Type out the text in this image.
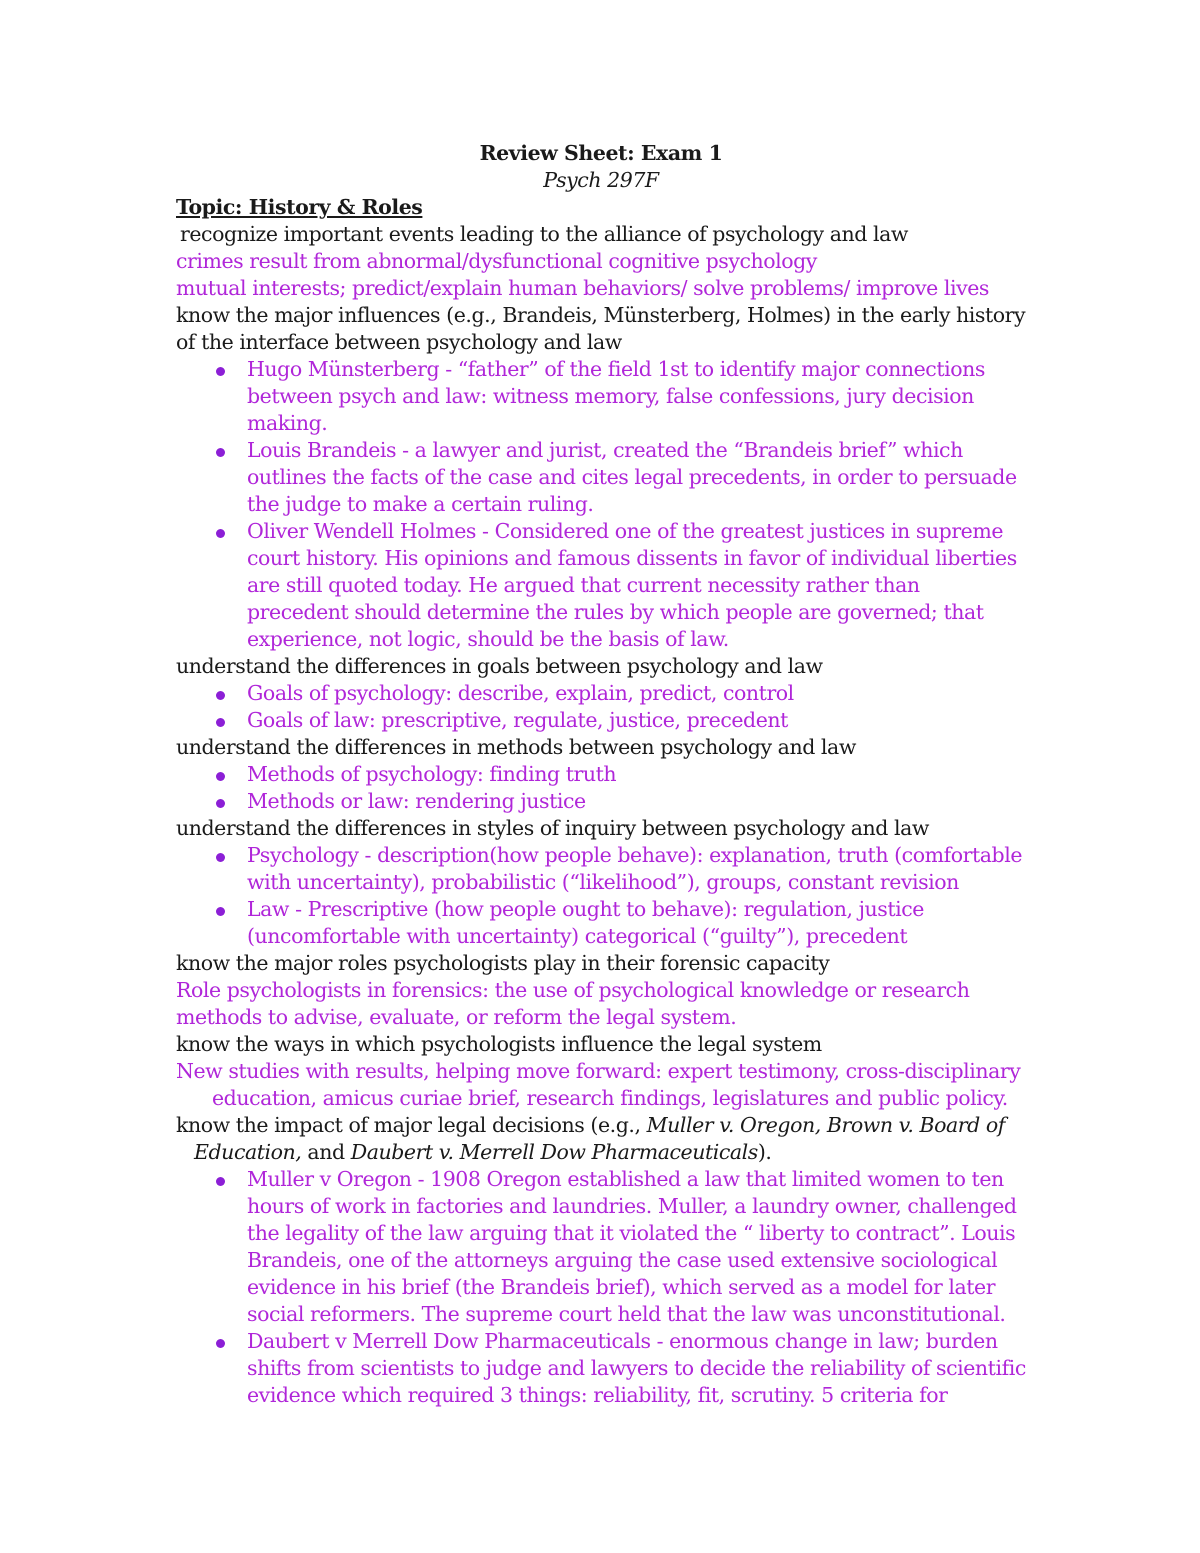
Review Sheet: Exam 1
Psych 297F
Topic: History & Roles
recognize important events leading to the alliance of psychology and law
crimes result from abnormal/dysfunctional cognitive psychology
mutual interests; predict/explain human behaviors/ solve problems/ improve lives
know the major influences (e.g., Brandeis, Münsterberg, Holmes) in the early history of the interface between psychology and law
Hugo Münsterberg - “father” of the field 1st to identify major connections between psych and law: witness memory, false confessions, jury decision making.
Louis Brandeis - a lawyer and jurist, created the “Brandeis brief” which outlines the facts of the case and cites legal precedents, in order to persuade the judge to make a certain ruling.
Oliver Wendell Holmes - Considered one of the greatest justices in supreme court history. His opinions and famous dissents in favor of individual liberties are still quoted today. He argued that current necessity rather than precedent should determine the rules by which people are governed; that experience, not logic, should be the basis of law.
understand the differences in goals between psychology and law
Goals of psychology: describe, explain, predict, control
Goals of law: prescriptive, regulate, justice, precedent
understand the differences in methods between psychology and law
Methods of psychology: finding truth
Methods or law: rendering justice
understand the differences in styles of inquiry between psychology and law
Psychology - description(how people behave): explanation, truth (comfortable with uncertainty), probabilistic (“likelihood”), groups, constant revision
Law - Prescriptive (how people ought to behave): regulation, justice (uncomfortable with uncertainty) categorical (“guilty”), precedent
know the major roles psychologists play in their forensic capacity
Role psychologists in forensics: the use of psychological knowledge or research methods to advise, evaluate, or reform the legal system.
know the ways in which psychologists influence the legal system
New studies with results, helping move forward: expert testimony, cross-disciplinary education, amicus curiae brief, research findings, legislatures and public policy.
know the impact of major legal decisions (e.g., Muller v. Oregon, Brown v. Board of Education, and Daubert v. Merrell Dow Pharmaceuticals).
Muller v Oregon - 1908 Oregon established a law that limited women to ten hours of work in factories and laundries. Muller, a laundry owner, challenged the legality of the law arguing that it violated the “ liberty to contract”. Louis Brandeis, one of the attorneys arguing the case used extensive sociological evidence in his brief (the Brandeis brief), which served as a model for later social reformers. The supreme court held that the law was unconstitutional.
Daubert v Merrell Dow Pharmaceuticals - enormous change in law; burden shifts from scientists to judge and lawyers to decide the reliability of scientific evidence which required 3 things: reliability, fit, scrutiny. 5 criteria for
